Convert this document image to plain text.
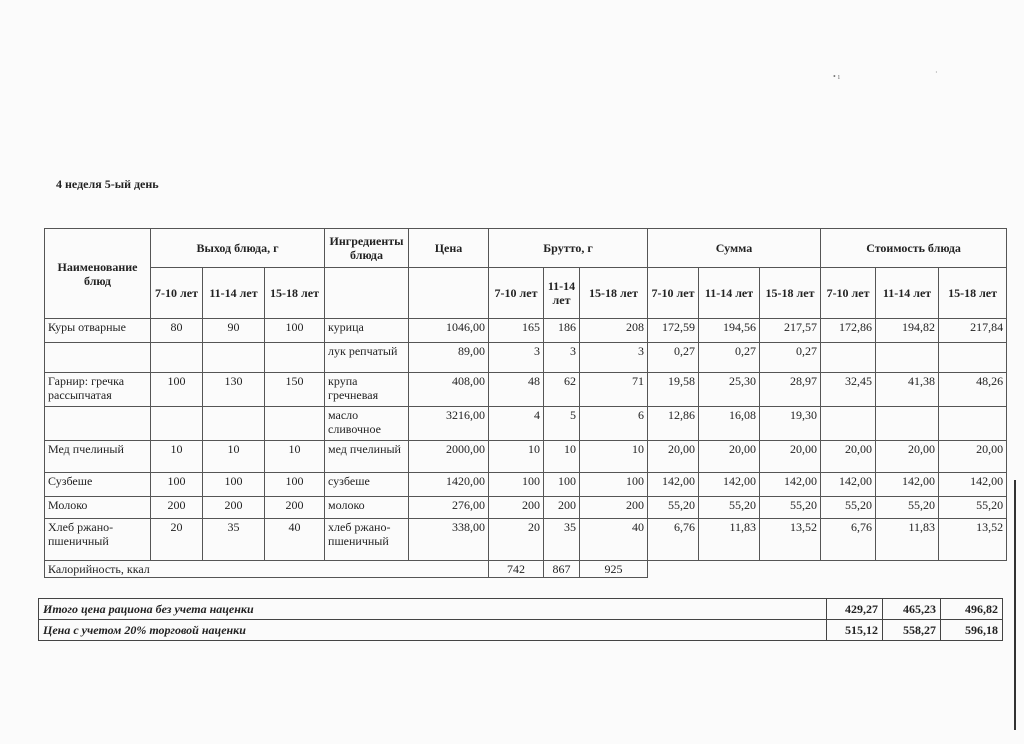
4 неделя 5-ый день
• ı	·
Наименование блюд	Выход блюда, г			Ингредиенты блюда	Цена	Брутто, г			Сумма			Стоимость блюда		
	7-10 лет	11-14 лет	15-18 лет			7-10 лет	11-14 лет	15-18 лет	7-10 лет	11-14 лет	15-18 лет	7-10 лет	11-14 лет	15-18 лет
Куры отварные	80	90	100	курица	1046,00	165	186	208	172,59	194,56	217,57	172,86	194,82	217,84
				лук репчатый	89,00	3	3	3	0,27	0,27	0,27			
Гарнир: гречка рассыпчатая	100	130	150	крупа гречневая	408,00	48	62	71	19,58	25,30	28,97	32,45	41,38	48,26
				масло сливочное	3216,00	4	5	6	12,86	16,08	19,30			
Мед пчелиный	10	10	10	мед пчелиный	2000,00	10	10	10	20,00	20,00	20,00	20,00	20,00	20,00
Сузбеше	100	100	100	сузбеше	1420,00	100	100	100	142,00	142,00	142,00	142,00	142,00	142,00
Молоко	200	200	200	молоко	276,00	200	200	200	55,20	55,20	55,20	55,20	55,20	55,20
Хлеб ржано-пшеничный	20	35	40	хлеб ржано-пшеничный	338,00	20	35	40	6,76	11,83	13,52	6,76	11,83	13,52
Калорийность, ккал						742	867	925						
Итого цена рациона без учета наценки	429,27	465,23	496,82
Цена с учетом 20% торговой наценки	515,12	558,27	596,18
